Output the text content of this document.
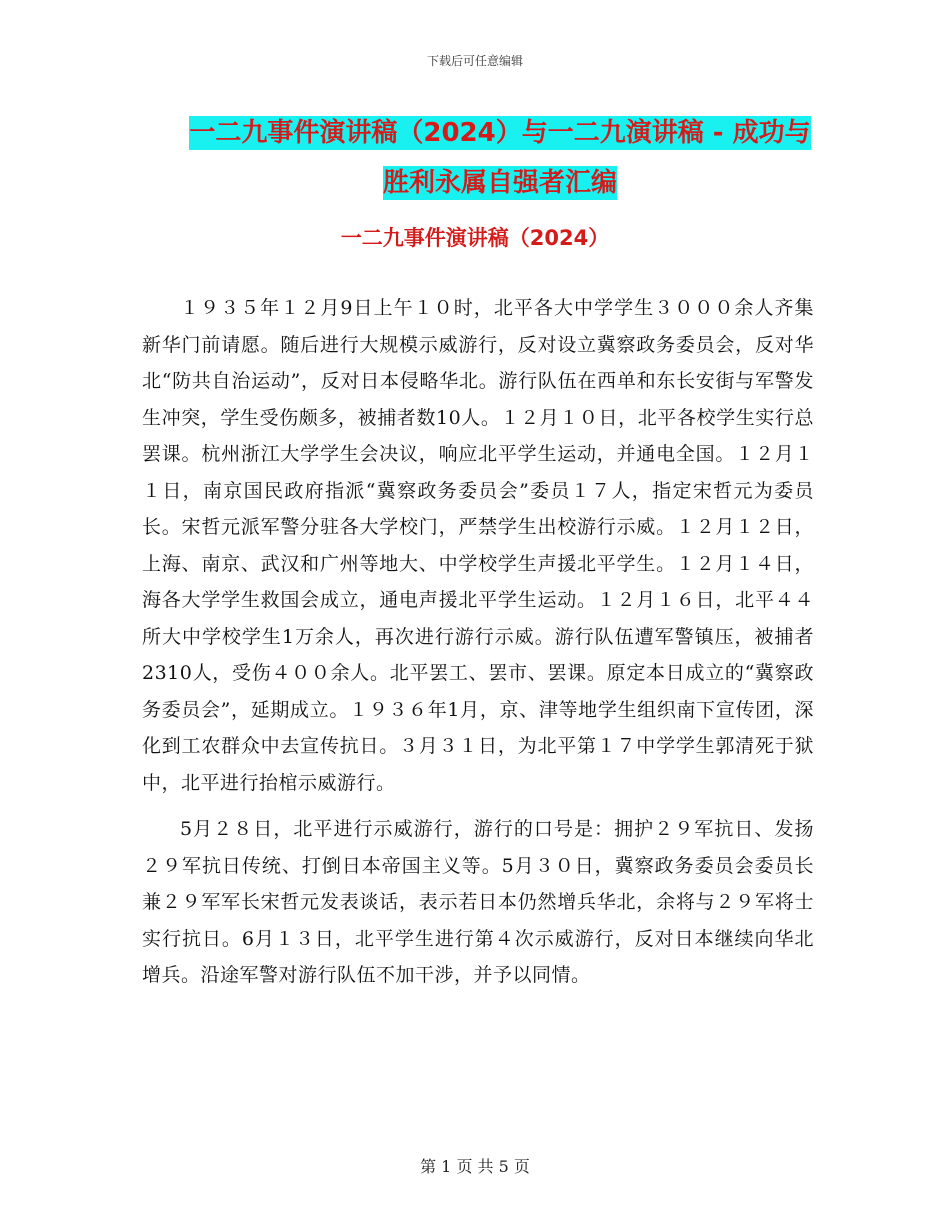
下载后可任意编辑
一二九事件演讲稿（2024）与一二九演讲稿 - 成功与
胜利永属自强者汇编
一二九事件演讲稿（2024）

１９３５年１２月9日上午１０时，北平各大中学学生３０００余人齐集新华门前请愿。随后进行大规模示威游行，反对设立冀察政务委员会，反对华北“防共自治运动”，反对日本侵略华北。游行队伍在西单和东长安街与军警发生冲突，学生受伤颇多，被捕者数10人。１２月１０日，北平各校学生实行总罢课。杭州浙江大学学生会决议，响应北平学生运动，并通电全国。１２月１１日，南京国民政府指派“冀察政务委员会”委员１７人，指定宋哲元为委员长。宋哲元派军警分驻各大学校门，严禁学生出校游行示威。１２月１２日，上海、南京、武汉和广州等地大、中学校学生声援北平学生。１２月１４日，海各大学学生救国会成立，通电声援北平学生运动。１２月１６日，北平４４所大中学校学生1万余人，再次进行游行示威。游行队伍遭军警镇压，被捕者2310人，受伤４００余人。北平罢工、罢市、罢课。原定本日成立的“冀察政务委员会”，延期成立。１９３６年1月，京、津等地学生组织南下宣传团，深化到工农群众中去宣传抗日。３月３１日，为北平第１７中学学生郭清死于狱中，北平进行抬棺示威游行。

5月２８日，北平进行示威游行，游行的口号是：拥护２９军抗日、发扬２９军抗日传统、打倒日本帝国主义等。5月３０日，冀察政务委员会委员长兼２９军军长宋哲元发表谈话，表示若日本仍然增兵华北，余将与２９军将士实行抗日。6月１３日，北平学生进行第４次示威游行，反对日本继续向华北增兵。沿途军警对游行队伍不加干涉，并予以同情。

第 1 页 共 5 页
